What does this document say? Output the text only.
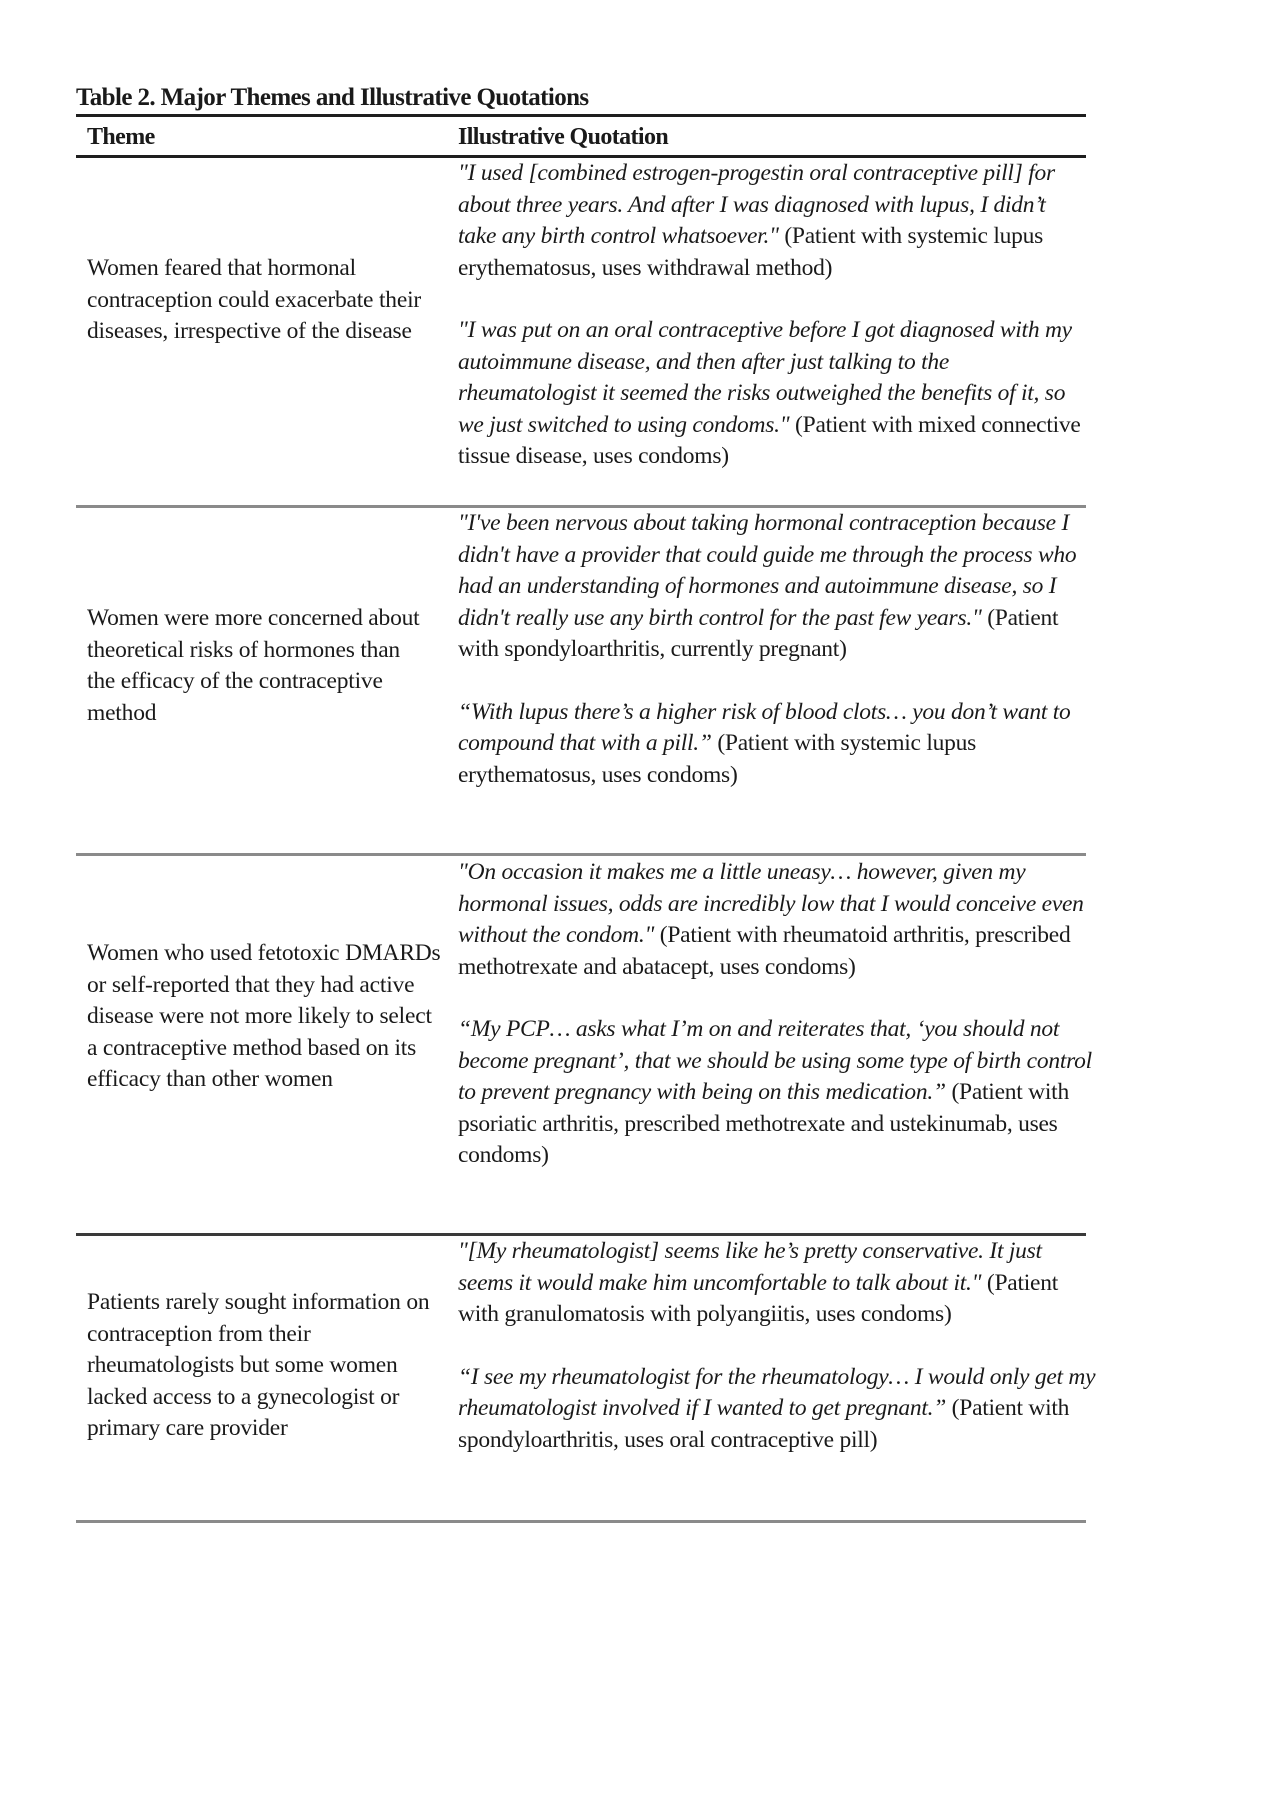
Table 2. Major Themes and Illustrative Quotations
Theme	Illustrative Quotation
Women feared that hormonal contraception could exacerbate their diseases, irrespective of the disease

"I used [combined estrogen-progestin oral contraceptive pill] for about three years. And after I was diagnosed with lupus, I didn’t take any birth control whatsoever." (Patient with systemic lupus erythematosus, uses withdrawal method)

"I was put on an oral contraceptive before I got diagnosed with my autoimmune disease, and then after just talking to the rheumatologist it seemed the risks outweighed the benefits of it, so we just switched to using condoms." (Patient with mixed connective tissue disease, uses condoms)

Women were more concerned about theoretical risks of hormones than the efficacy of the contraceptive method

"I've been nervous about taking hormonal contraception because I didn't have a provider that could guide me through the process who had an understanding of hormones and autoimmune disease, so I didn't really use any birth control for the past few years." (Patient with spondyloarthritis, currently pregnant)

“With lupus there’s a higher risk of blood clots… you don’t want to compound that with a pill.” (Patient with systemic lupus erythematosus, uses condoms)

Women who used fetotoxic DMARDs or self-reported that they had active disease were not more likely to select a contraceptive method based on its efficacy than other women

"On occasion it makes me a little uneasy… however, given my hormonal issues, odds are incredibly low that I would conceive even without the condom." (Patient with rheumatoid arthritis, prescribed methotrexate and abatacept, uses condoms)

“My PCP… asks what I’m on and reiterates that, ‘you should not become pregnant’, that we should be using some type of birth control to prevent pregnancy with being on this medication.” (Patient with psoriatic arthritis, prescribed methotrexate and ustekinumab, uses condoms)

Patients rarely sought information on contraception from their rheumatologists but some women lacked access to a gynecologist or primary care provider

"[My rheumatologist] seems like he’s pretty conservative. It just seems it would make him uncomfortable to talk about it." (Patient with granulomatosis with polyangiitis, uses condoms)

“I see my rheumatologist for the rheumatology… I would only get my rheumatologist involved if I wanted to get pregnant.” (Patient with spondyloarthritis, uses oral contraceptive pill)
